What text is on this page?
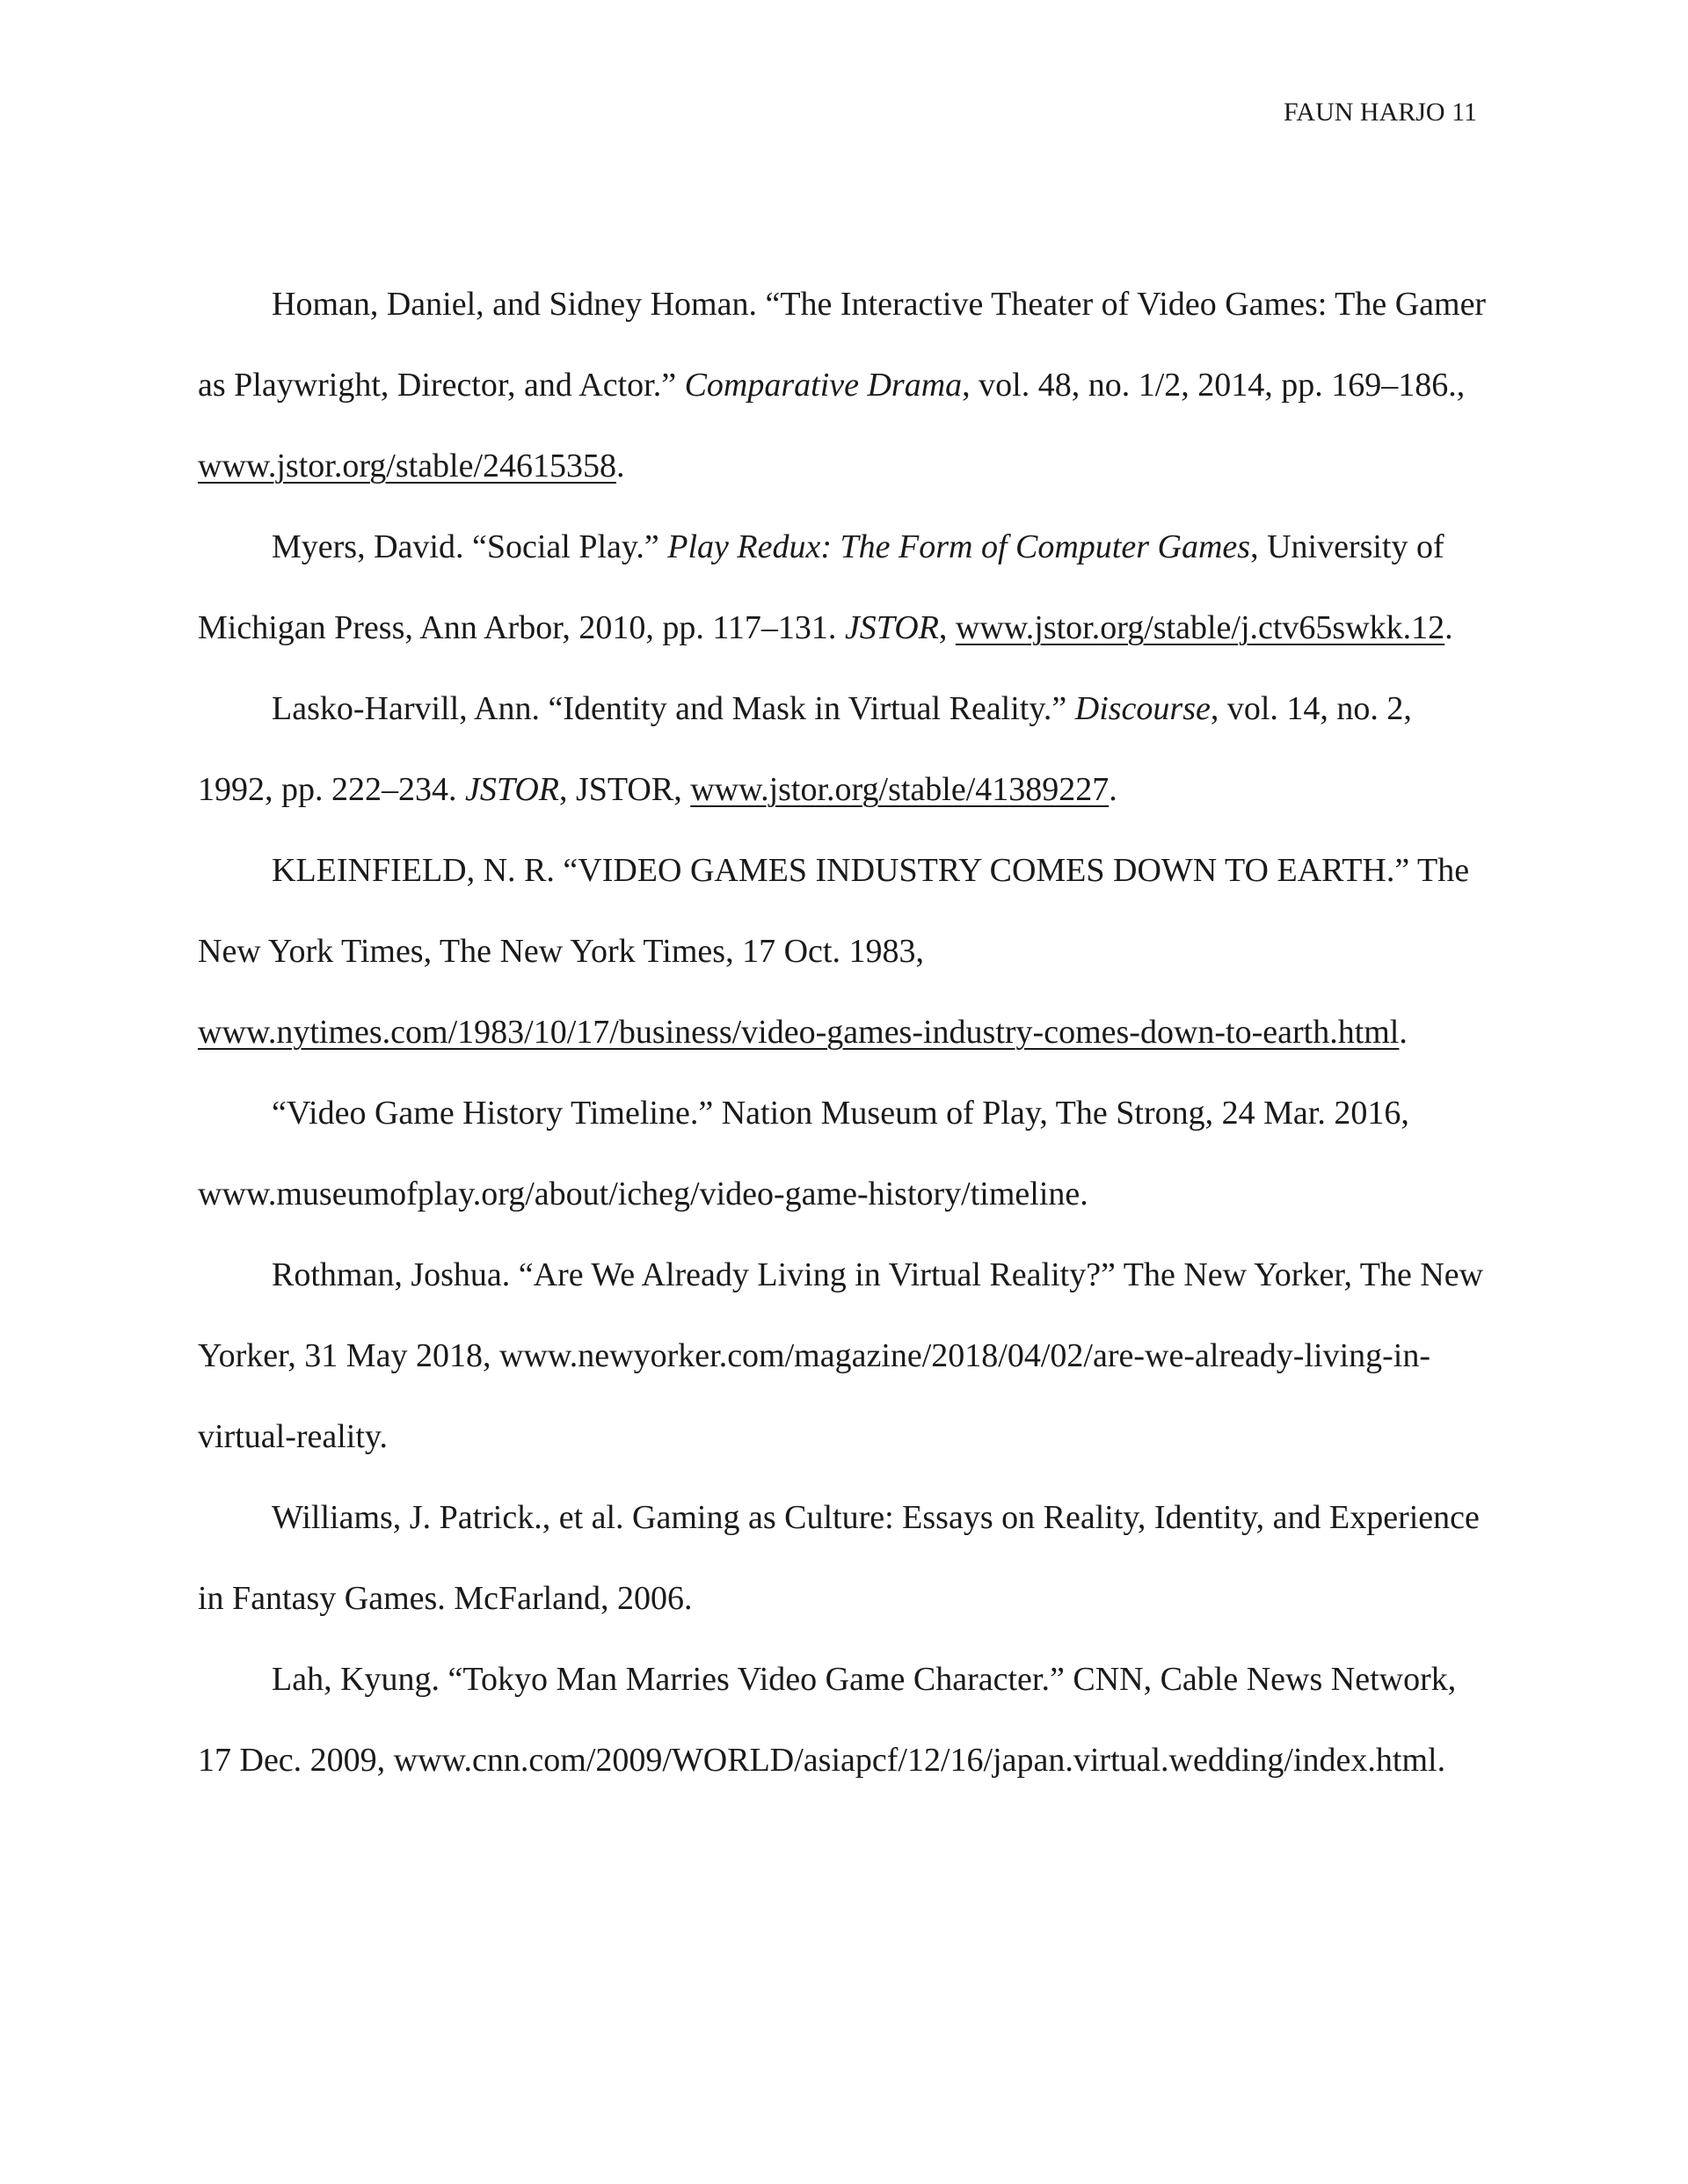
FAUN HARJO 11

Homan, Daniel, and Sidney Homan. “The Interactive Theater of Video Games: The Gamer as Playwright, Director, and Actor.” Comparative Drama, vol. 48, no. 1/2, 2014, pp. 169–186., www.jstor.org/stable/24615358.

Myers, David. “Social Play.” Play Redux: The Form of Computer Games, University of Michigan Press, Ann Arbor, 2010, pp. 117–131. JSTOR, www.jstor.org/stable/j.ctv65swkk.12.

Lasko-Harvill, Ann. “Identity and Mask in Virtual Reality.” Discourse, vol. 14, no. 2, 1992, pp. 222–234. JSTOR, JSTOR, www.jstor.org/stable/41389227.

KLEINFIELD, N. R. “VIDEO GAMES INDUSTRY COMES DOWN TO EARTH.” The New York Times, The New York Times, 17 Oct. 1983, www.nytimes.com/1983/10/17/business/video-games-industry-comes-down-to-earth.html.

“Video Game History Timeline.” Nation Museum of Play, The Strong, 24 Mar. 2016, www.museumofplay.org/about/icheg/video-game-history/timeline.

Rothman, Joshua. “Are We Already Living in Virtual Reality?” The New Yorker, The New Yorker, 31 May 2018, www.newyorker.com/magazine/2018/04/02/are-we-already-living-in-virtual-reality.

Williams, J. Patrick., et al. Gaming as Culture: Essays on Reality, Identity, and Experience in Fantasy Games. McFarland, 2006.

Lah, Kyung. “Tokyo Man Marries Video Game Character.” CNN, Cable News Network, 17 Dec. 2009, www.cnn.com/2009/WORLD/asiapcf/12/16/japan.virtual.wedding/index.html.
